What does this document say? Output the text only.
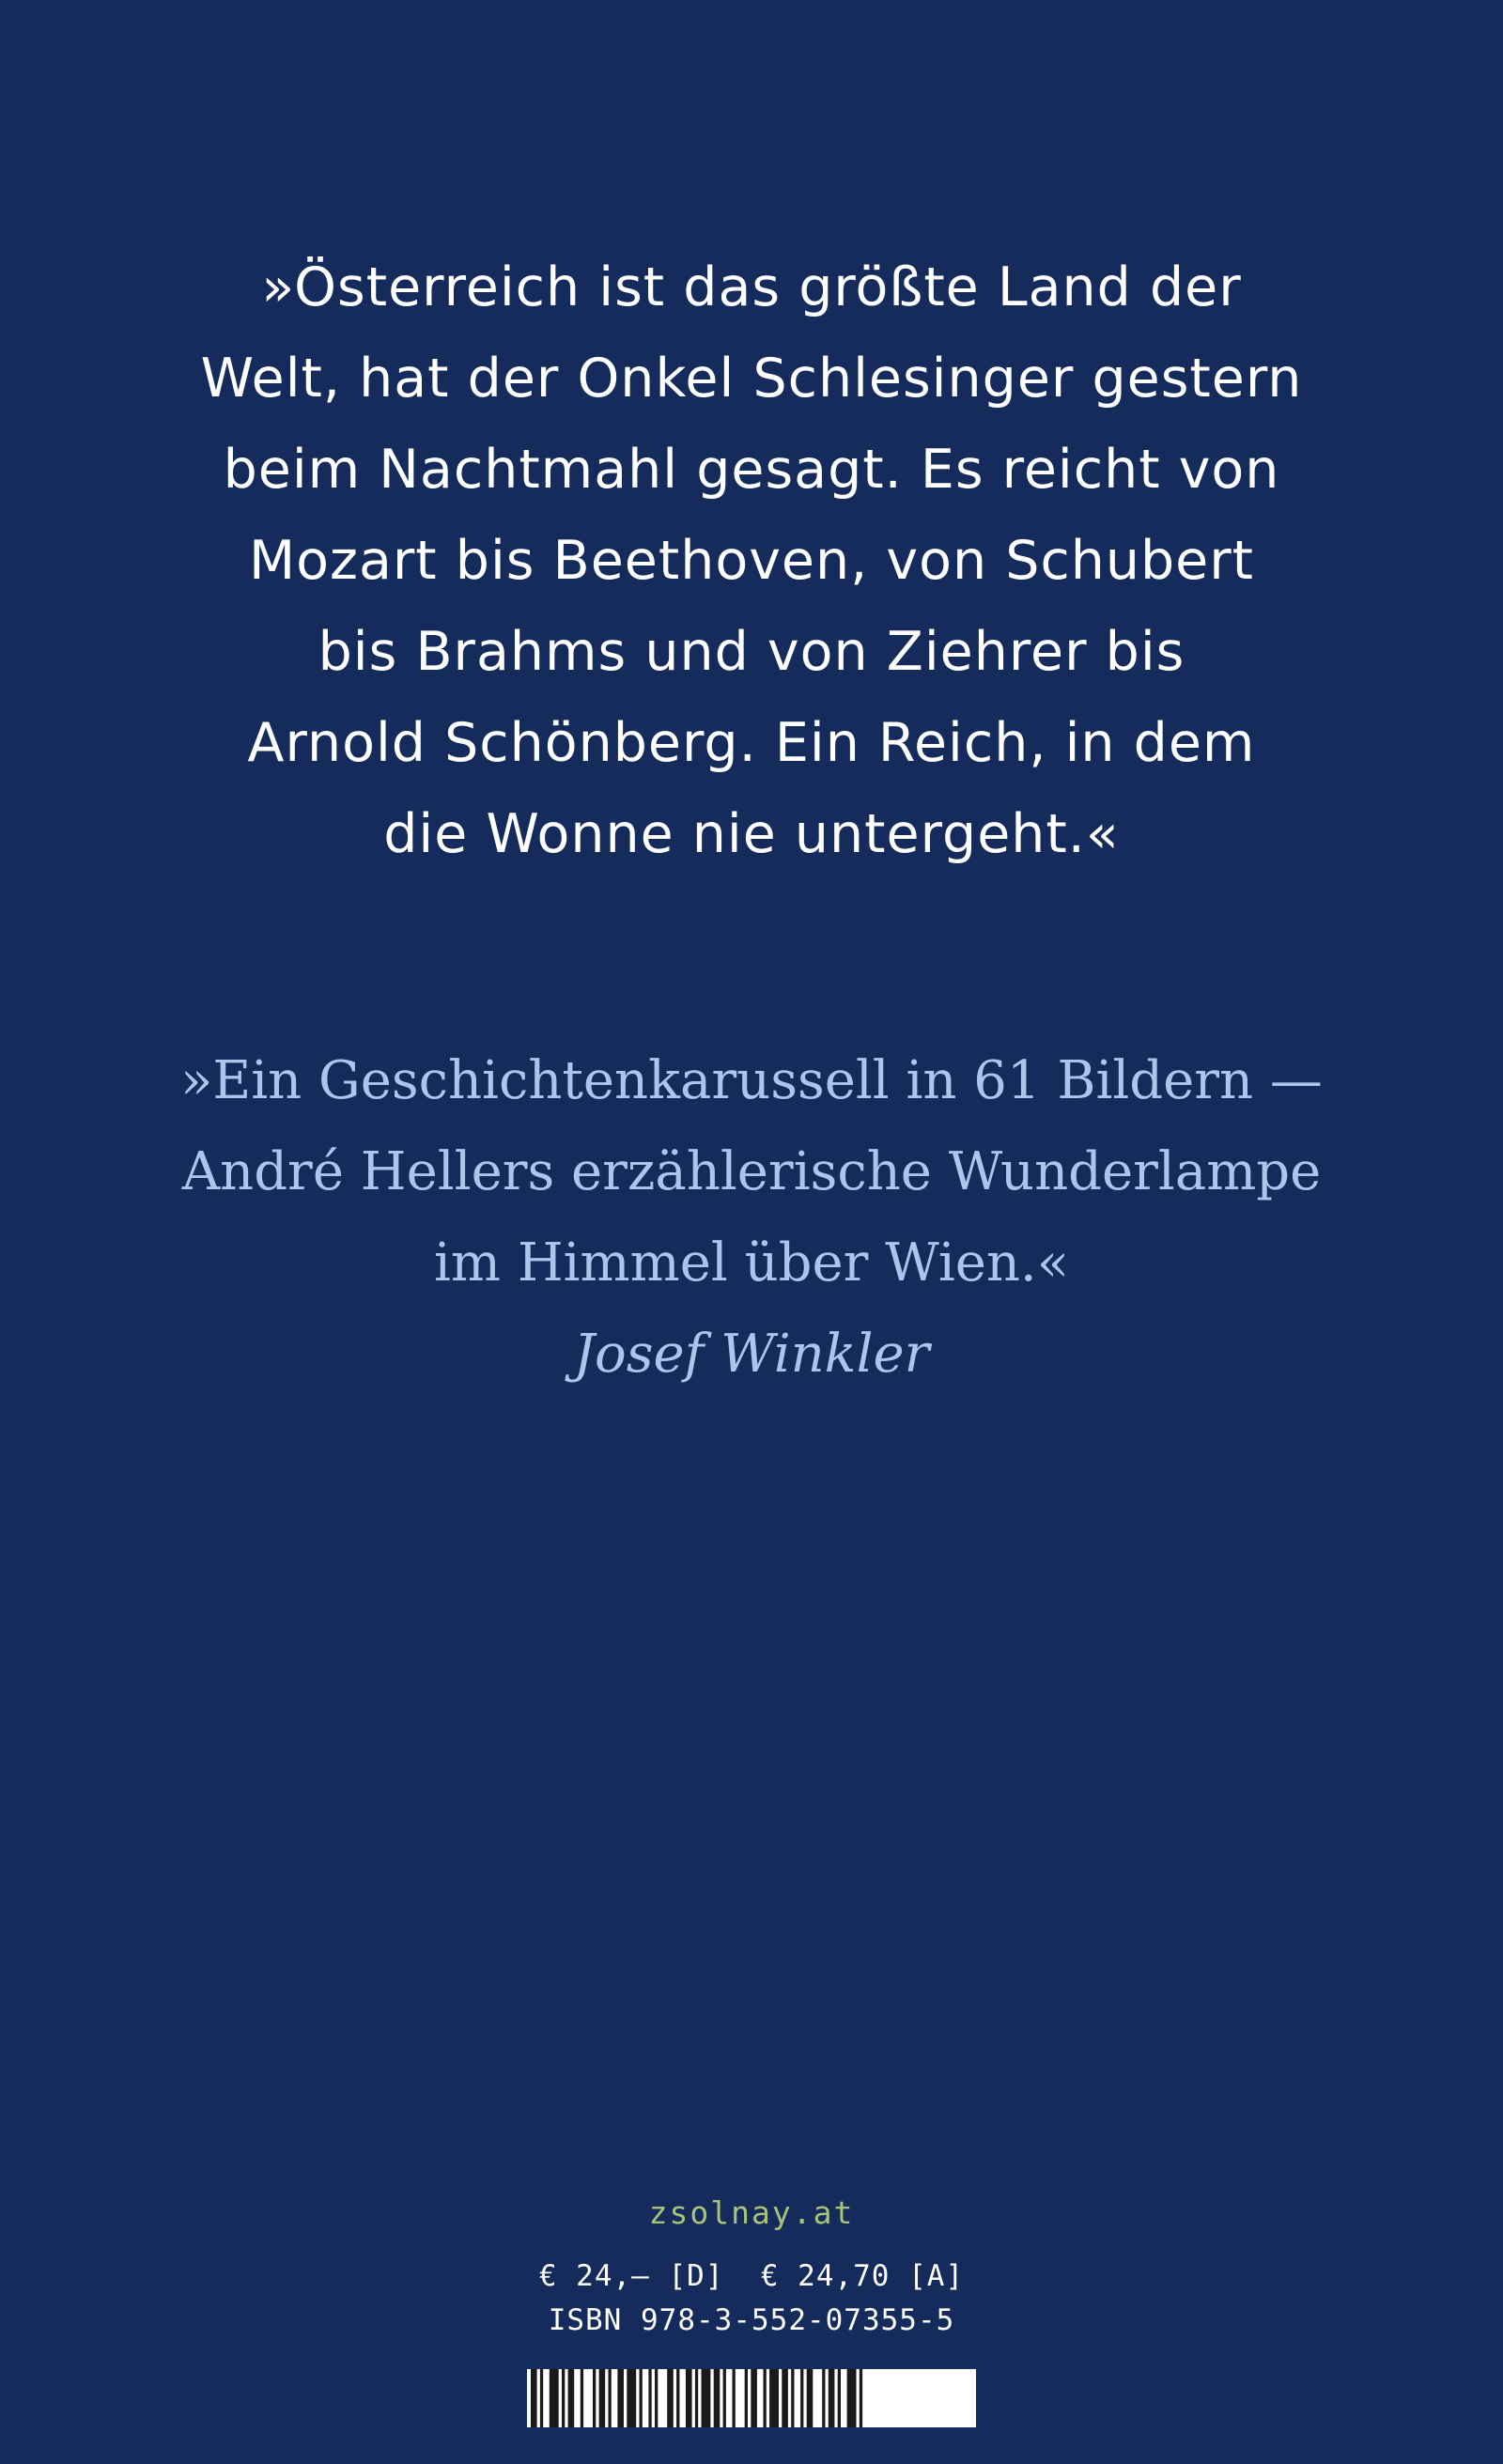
»Österreich ist das größte Land der
Welt, hat der Onkel Schlesinger gestern
beim Nachtmahl gesagt. Es reicht von
Mozart bis Beethoven, von Schubert
bis Brahms und von Ziehrer bis
Arnold Schönberg. Ein Reich, in dem
die Wonne nie untergeht.«
»Ein Geschichtenkarussell in 61 Bildern —
André Hellers erzählerische Wunderlampe
im Himmel über Wien.«
Josef Winkler
zsolnay.at
€ 24,– [D]  € 24,70 [A]
ISBN 978-3-552-07355-5
